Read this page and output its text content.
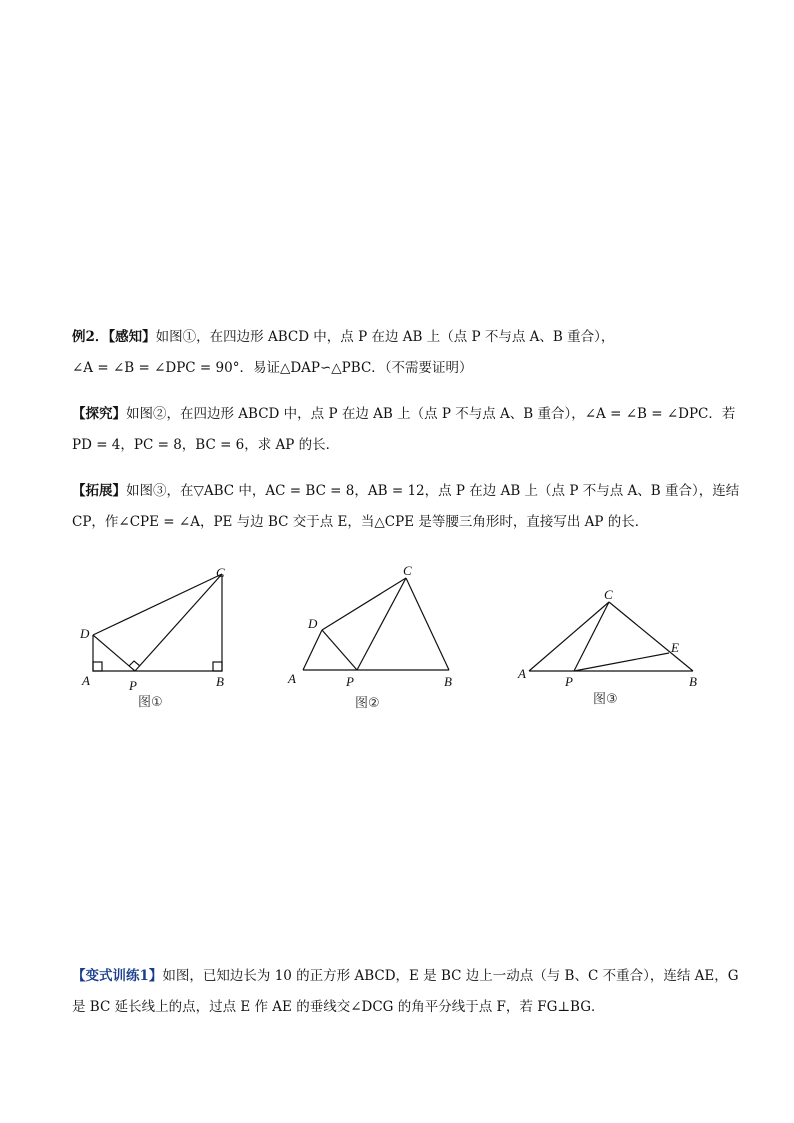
例2．【感知】如图①，在四边形 ABCD 中，点 P 在边 AB 上（点 P 不与点 A、B 重合），
∠A = ∠B = ∠DPC = 90°．易证△DAP∽△PBC．（不需要证明）
【探究】如图②，在四边形 ABCD 中，点 P 在边 AB 上（点 P 不与点 A、B 重合），∠A = ∠B = ∠DPC．若
PD = 4，PC = 8，BC = 6，求 AP 的长．
【拓展】如图③，在▽ABC 中，AC = BC = 8，AB = 12，点 P 在边 AB 上（点 P 不与点 A、B 重合），连结
CP，作∠CPE = ∠A，PE 与边 BC 交于点 E，当△CPE 是等腰三角形时，直接写出 AP 的长．
D
A	P	B
C
图①
D
A	P	B
C
图②
A
P	B
C
E
图③
【变式训练1】如图，已知边长为 10 的正方形 ABCD，E 是 BC 边上一动点（与 B、C 不重合），连结 AE，G
是 BC 延长线上的点，过点 E 作 AE 的垂线交∠DCG 的角平分线于点 F，若 FG⊥BG．
